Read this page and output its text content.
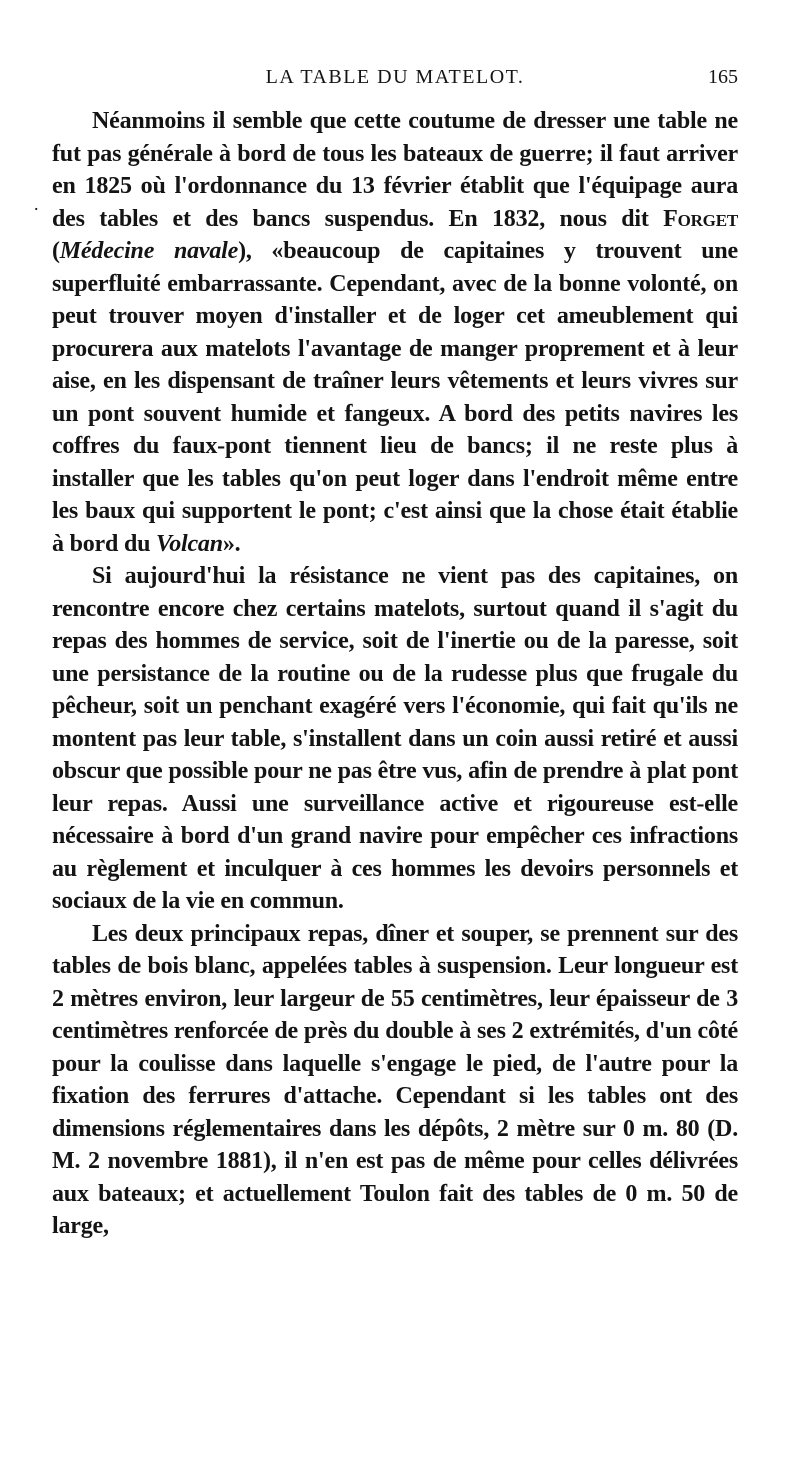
LA TABLE DU MATELOT.	165
.

Néanmoins il semble que cette coutume de dresser une table ne fut pas générale à bord de tous les bateaux de guerre; il faut arriver en 1825 où l'ordonnance du 13 février établit que l'équipage aura des tables et des bancs suspendus. En 1832, nous dit Forget (Médecine navale), «beaucoup de capitaines y trouvent une superfluité embarrassante. Cependant, avec de la bonne volonté, on peut trouver moyen d'installer et de loger cet ameublement qui procurera aux matelots l'avantage de manger proprement et à leur aise, en les dispensant de traîner leurs vêtements et leurs vivres sur un pont souvent humide et fangeux. A bord des petits navires les coffres du faux-pont tiennent lieu de bancs; il ne reste plus à installer que les tables qu'on peut loger dans l'endroit même entre les baux qui supportent le pont; c'est ainsi que la chose était établie à bord du Volcan».

Si aujourd'hui la résistance ne vient pas des capitaines, on rencontre encore chez certains matelots, surtout quand il s'agit du repas des hommes de service, soit de l'inertie ou de la paresse, soit une persistance de la routine ou de la rudesse plus que frugale du pêcheur, soit un penchant exagéré vers l'économie, qui fait qu'ils ne montent pas leur table, s'installent dans un coin aussi retiré et aussi obscur que possible pour ne pas être vus, afin de prendre à plat pont leur repas. Aussi une surveillance active et rigoureuse est-elle nécessaire à bord d'un grand navire pour empêcher ces infractions au règlement et inculquer à ces hommes les devoirs personnels et sociaux de la vie en commun.

Les deux principaux repas, dîner et souper, se prennent sur des tables de bois blanc, appelées tables à suspension. Leur longueur est 2 mètres environ, leur largeur de 55 centimètres, leur épaisseur de 3 centimètres renforcée de près du double à ses 2 extrémités, d'un côté pour la coulisse dans laquelle s'engage le pied, de l'autre pour la fixation des ferrures d'attache. Cependant si les tables ont des dimensions réglementaires dans les dépôts, 2 mètre sur 0 m. 80 (D. M. 2 novembre 1881), il n'en est pas de même pour celles délivrées aux bateaux; et actuellement Toulon fait des tables de 0 m. 50 de large,
